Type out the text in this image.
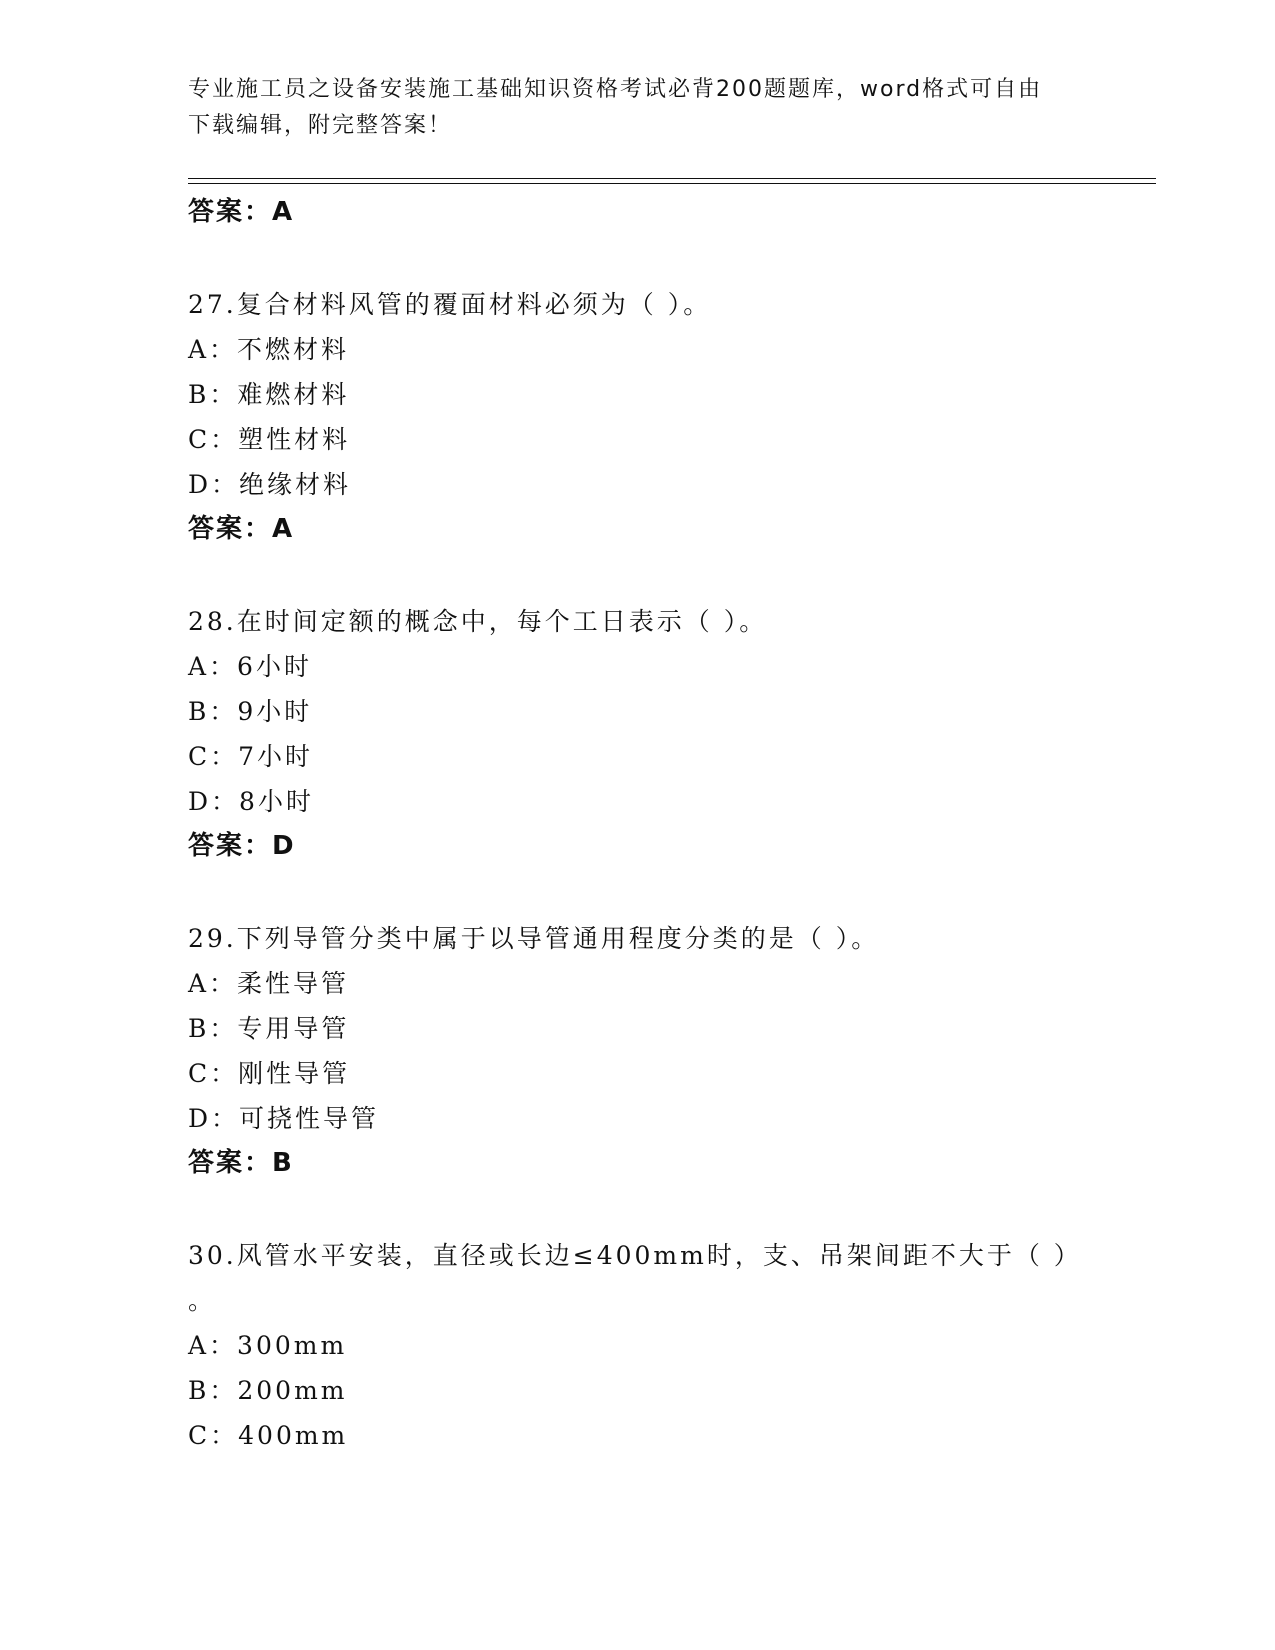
专业施工员之设备安装施工基础知识资格考试必背200题题库，word格式可自由
下载编辑，附完整答案！
答案：A
27.复合材料风管的覆面材料必须为（ ）。
A：不燃材料
B：难燃材料
C：塑性材料
D：绝缘材料
答案：A
28.在时间定额的概念中，每个工日表示（ ）。
A：6小时
B：9小时
C：7小时
D：8小时
答案：D
29.下列导管分类中属于以导管通用程度分类的是（ ）。
A：柔性导管
B：专用导管
C：刚性导管
D：可挠性导管
答案：B
30.风管水平安装，直径或长边≤400mm时，支、吊架间距不大于（ ）
。
A：300mm
B：200mm
C：400mm
